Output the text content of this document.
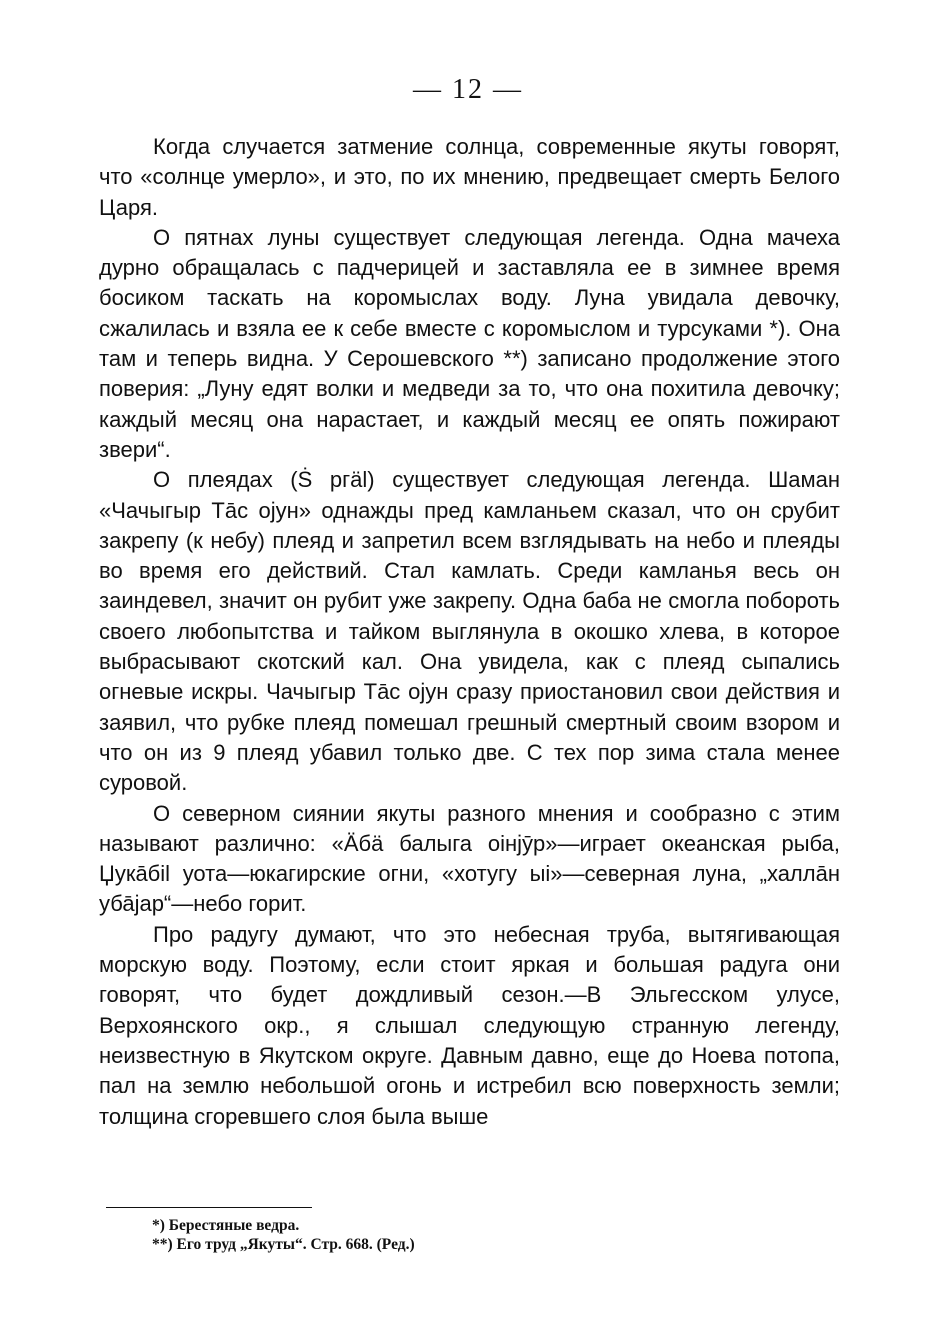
— 12 —

Когда случается затмение солнца, современные якуты говорят, что «солнце умерло», и это, по их мнению, предвещает смерть Белого Царя.

О пятнах луны существует следующая легенда. Одна мачеха дурно обращалась с падчерицей и заставляла ее в зимнее время босиком таскать на коромыслах воду. Луна увидала девочку, сжалилась и взяла ее к себе вместе с коромыслом и турсуками *). Она там и теперь видна. У Серошевского **) записано продолжение этого поверия: „Луну едят волки и медведи за то, что она похитила девочку; каждый месяц она нарастает, и каждый месяц ее опять пожирают звери“.

О плеядах (Ṡ ргäl) существует следующая легенда. Шаман «Чачыгыр Тāс ојун» однажды пред камланьем сказал, что он срубит закрепу (к небу) плеяд и запретил всем взглядывать на небо и плеяды во время его действий. Стал камлать. Среди камланья весь он заиндевел, значит он рубит уже закрепу. Одна баба не смогла побороть своего любопытства и тайком выглянула в окошко хлева, в которое выбрасывают скотский кал. Она увидела, как с плеяд сыпались огневые искры. Чачыгыр Тāс ојун сразу приостановил свои действия и заявил, что рубке плеяд помешал грешный смертный своим взором и что он из 9 плеяд убавил только две. С тех пор зима стала менее суровой.

О северном сиянии якуты разного мнения и сообразно с этим называют различно: «Ӓбӓ балыга оiнјӯр»—играет океанская рыба, Џукāбil уота—юкагирские огни, «хотугу ыі»—северная луна, „халлāн уба̄јар“—небо горит.

Про радугу думают, что это небесная труба, вытягивающая морскую воду. Поэтому, если стоит яркая и большая радуга они говорят, что будет дождливый сезон.—В Эльгесском улусе, Верхоянского окр., я слышал следующую странную легенду, неизвестную в Якутском округе. Давным давно, еще до Ноева потопа, пал на землю небольшой огонь и истребил всю поверхность земли; толщина сгоревшего слоя была выше

*) Берестяные ведра.
**) Его труд „Якуты“. Стр. 668. (Ред.)
